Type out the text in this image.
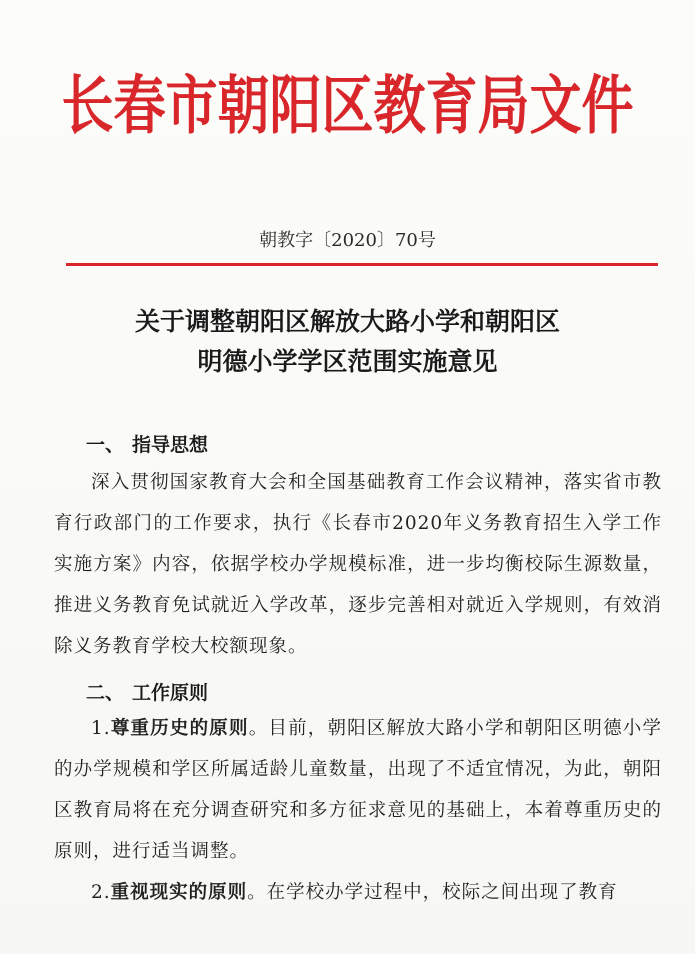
长春市朝阳区教育局文件
朝教字〔2020〕70号
关于调整朝阳区解放大路小学和朝阳区
明德小学学区范围实施意见
一、 指导思想
深入贯彻国家教育大会和全国基础教育工作会议精神，落实省市教育行政部门的工作要求，执行《长春市2020年义务教育招生入学工作实施方案》内容，依据学校办学规模标准，进一步均衡校际生源数量，推进义务教育免试就近入学改革，逐步完善相对就近入学规则，有效消除义务教育学校大校额现象。
二、 工作原则
1.尊重历史的原则。目前，朝阳区解放大路小学和朝阳区明德小学的办学规模和学区所属适龄儿童数量，出现了不适宜情况，为此，朝阳区教育局将在充分调查研究和多方征求意见的基础上，本着尊重历史的原则，进行适当调整。
2.重视现实的原则。在学校办学过程中，校际之间出现了教育
